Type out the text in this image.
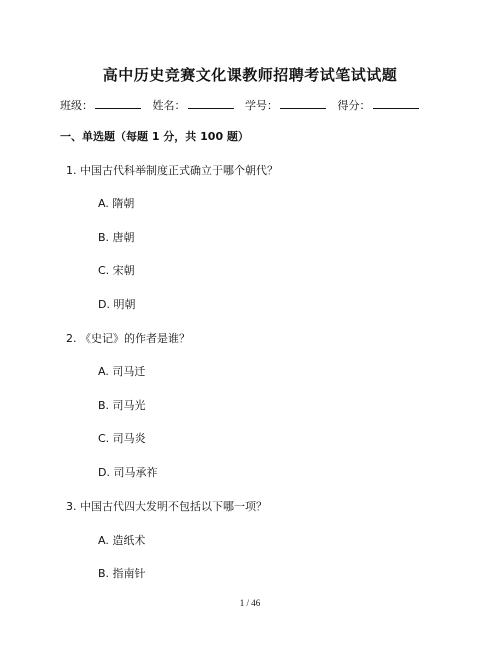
高中历史竞赛文化课教师招聘考试笔试试题
班级：	姓名：	学号：	得分：
一、单选题（每题 1 分，共 100 题）
1. 中国古代科举制度正式确立于哪个朝代？
A. 隋朝
B. 唐朝
C. 宋朝
D. 明朝
2. 《史记》的作者是谁？
A. 司马迁
B. 司马光
C. 司马炎
D. 司马承祚
3. 中国古代四大发明不包括以下哪一项？
A. 造纸术
B. 指南针
1 / 46
